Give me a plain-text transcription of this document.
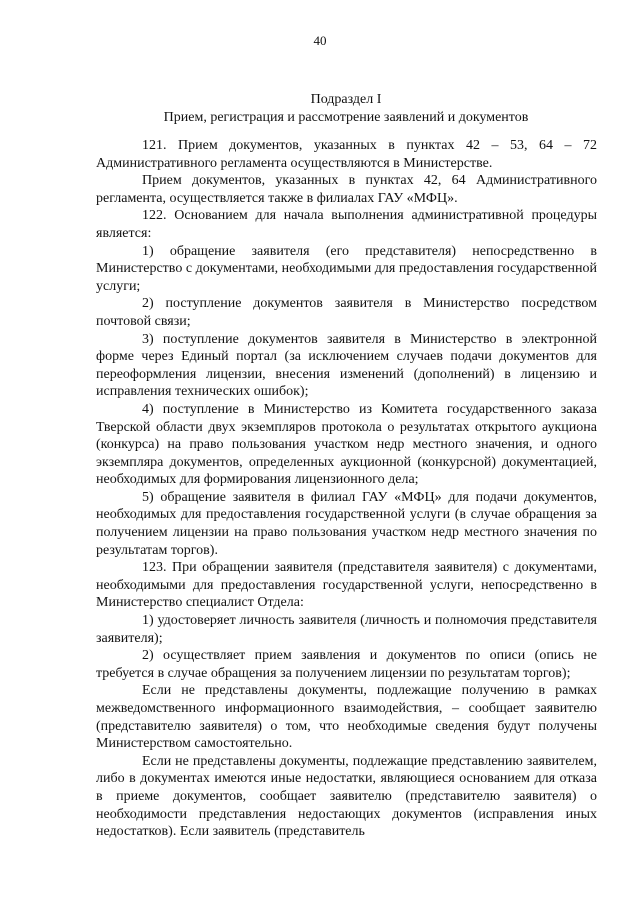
40
Подраздел I
Прием, регистрация и рассмотрение заявлений и документов

121. Прием документов, указанных в пунктах 42 – 53, 64 – 72 Административного регламента осуществляются в Министерстве.

Прием документов, указанных в пунктах 42, 64 Административного регламента, осуществляется также в филиалах ГАУ «МФЦ».

122. Основанием для начала выполнения административной процедуры является:

1) обращение заявителя (его представителя) непосредственно в Министерство с документами, необходимыми для предоставления государственной услуги;

2) поступление документов заявителя в Министерство посредством почтовой связи;

3) поступление документов заявителя в Министерство в электронной форме через Единый портал (за исключением случаев подачи документов для переоформления лицензии, внесения изменений (дополнений) в лицензию и исправления технических ошибок);

4) поступление в Министерство из Комитета государственного заказа Тверской области двух экземпляров протокола о результатах открытого аукциона (конкурса) на право пользования участком недр местного значения, и одного экземпляра документов, определенных аукционной (конкурсной) документацией, необходимых для формирования лицензионного дела;

5) обращение заявителя в филиал ГАУ «МФЦ» для подачи документов, необходимых для предоставления государственной услуги (в случае обращения за получением лицензии на право пользования участком недр местного значения по результатам торгов).

123. При обращении заявителя (представителя заявителя) с документами, необходимыми для предоставления государственной услуги, непосредственно в Министерство специалист Отдела:

1) удостоверяет личность заявителя (личность и полномочия представителя заявителя);

2) осуществляет прием заявления и документов по описи (опись не требуется в случае обращения за получением лицензии по результатам торгов);

Если не представлены документы, подлежащие получению в рамках межведомственного информационного взаимодействия, – сообщает заявителю (представителю заявителя) о том, что необходимые сведения будут получены Министерством самостоятельно.

Если не представлены документы, подлежащие представлению заявителем, либо в документах имеются иные недостатки, являющиеся основанием для отказа в приеме документов, сообщает заявителю (представителю заявителя) о необходимости представления недостающих документов (исправления иных недостатков). Если заявитель (представитель
